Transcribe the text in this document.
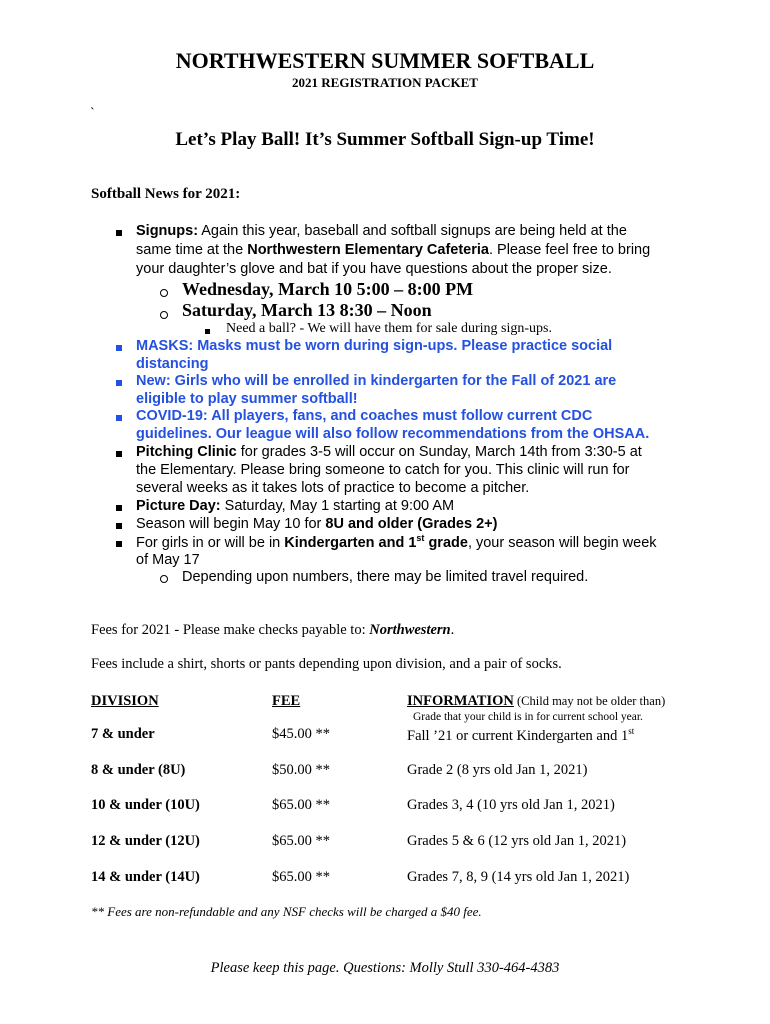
NORTHWESTERN SUMMER SOFTBALL
2021 REGISTRATION PACKET
`
Let’s Play Ball! It’s Summer Softball Sign-up Time!
Softball News for 2021:
Signups: Again this year, baseball and softball signups are being held at the
same time at the Northwestern Elementary Cafeteria. Please feel free to bring
your daughter’s glove and bat if you have questions about the proper size.
Wednesday, March 10 5:00 – 8:00 PM
Saturday, March 13 8:30 – Noon
Need a ball? - We will have them for sale during sign-ups.
MASKS: Masks must be worn during sign-ups. Please practice social
distancing
New: Girls who will be enrolled in kindergarten for the Fall of 2021 are
eligible to play summer softball!
COVID-19: All players, fans, and coaches must follow current CDC
guidelines. Our league will also follow recommendations from the OHSAA.
Pitching Clinic for grades 3-5 will occur on Sunday, March 14th from 3:30-5 at
the Elementary. Please bring someone to catch for you. This clinic will run for
several weeks as it takes lots of practice to become a pitcher.
Picture Day: Saturday, May 1 starting at 9:00 AM
Season will begin May 10 for 8U and older (Grades 2+)
For girls in or will be in Kindergarten and 1st grade, your season will begin week
of May 17
Depending upon numbers, there may be limited travel required.
Fees for 2021 - Please make checks payable to: Northwestern.
Fees include a shirt, shorts or pants depending upon division, and a pair of socks.
DIVISION	FEE	INFORMATION (Child may not be older than)
Grade that your child is in for current school year.
7 & under	$45.00 **	Fall ’21 or current Kindergarten and 1st
8 & under (8U)	$50.00 **	Grade 2 (8 yrs old Jan 1, 2021)
10 & under (10U)	$65.00 **	Grades 3, 4 (10 yrs old Jan 1, 2021)
12 & under (12U)	$65.00 **	Grades 5 & 6 (12 yrs old Jan 1, 2021)
14 & under (14U)	$65.00 **	Grades 7, 8, 9 (14 yrs old Jan 1, 2021)
** Fees are non-refundable and any NSF checks will be charged a $40 fee.
Please keep this page. Questions: Molly Stull 330-464-4383
